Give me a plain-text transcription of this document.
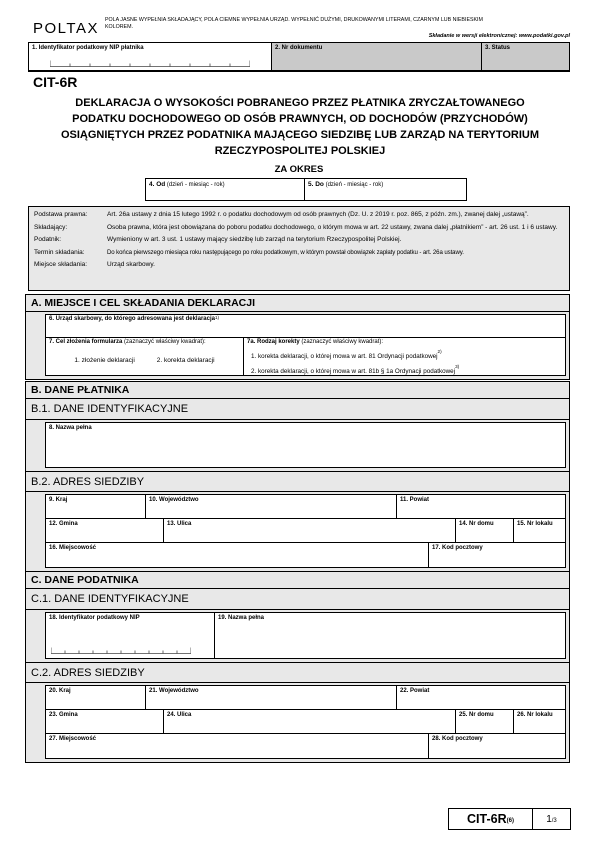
POLTAX POLA JASNE WYPEŁNIA SKŁADAJĄCY, POLA CIEMNE WYPEŁNIA URZĄD. WYPEŁNIĆ DUŻYMI, DRUKOWANYMI LITERAMI, CZARNYM LUB NIEBIESKIM
KOLOREM.
Składanie w wersji elektronicznej: www.podatki.gov.pl
1. Identyfikator podatkowy NIP płatnika	2. Nr dokumentu	3. Status
CIT-6R
DEKLARACJA O WYSOKOŚCI POBRANEGO PRZEZ PŁATNIKA ZRYCZAŁTOWANEGO
PODATKU DOCHODOWEGO OD OSÓB PRAWNYCH, OD DOCHODÓW (PRZYCHODÓW)
OSIĄGNIĘTYCH PRZEZ PODATNIKA MAJĄCEGO SIEDZIBĘ LUB ZARZĄD NA TERYTORIUM
RZECZYPOSPOLITEJ POLSKIEJ
ZA OKRES
4. Od (dzień - miesiąc - rok)	5. Do (dzień - miesiąc - rok)
Podstawa prawna:	Art. 26a ustawy z dnia 15 lutego 1992 r. o podatku dochodowym od osób prawnych (Dz. U. z 2019 r. poz. 865, z późn. zm.), zwanej dalej „ustawą”.
Składający:	Osoba prawna, która jest obowiązana do poboru podatku dochodowego, o którym mowa w art. 22 ustawy, zwana dalej „płatnikiem” - art. 26 ust. 1 i 6 ustawy.
Podatnik:	Wymieniony w art. 3 ust. 1 ustawy mający siedzibę lub zarząd na terytorium Rzeczypospolitej Polskiej.
Termin składania:	Do końca pierwszego miesiąca roku następującego po roku podatkowym, w którym powstał obowiązek zapłaty podatku - art. 26a ustawy.
Miejsce składania:	Urząd skarbowy.
A. MIEJSCE I CEL SKŁADANIA DEKLARACJI
6. Urząd skarbowy, do którego adresowana jest deklaracja $^{1)}$
7. Cel złożenia formularza (zaznaczyć właściwy kwadrat):
1. złożenie deklaracji	2. korekta deklaracji
7a. Rodzaj korekty (zaznaczyć właściwy kwadrat):
1. korekta deklaracji, o której mowa w art. 81 Ordynacji podatkowej$^{2)}$
2. korekta deklaracji, o której mowa w art. 81b § 1a Ordynacji podatkowej$^{3)}$
B. DANE PŁATNIKA
B.1. DANE IDENTYFIKACYJNE
8. Nazwa pełna
B.2. ADRES SIEDZIBY
9. Kraj	10. Województwo	11. Powiat
12. Gmina	13. Ulica	14. Nr domu	15. Nr lokalu
16. Miejscowość	17. Kod pocztowy
C. DANE PODATNIKA
C.1. DANE IDENTYFIKACYJNE
18. Identyfikator podatkowy NIP	19. Nazwa pełna
C.2. ADRES SIEDZIBY
20. Kraj	21. Województwo	22. Powiat
23. Gmina	24. Ulica	25. Nr domu	26. Nr lokalu
27. Miejscowość	28. Kod pocztowy
CIT-$6R_{(6)}$	$1_{/3}$
